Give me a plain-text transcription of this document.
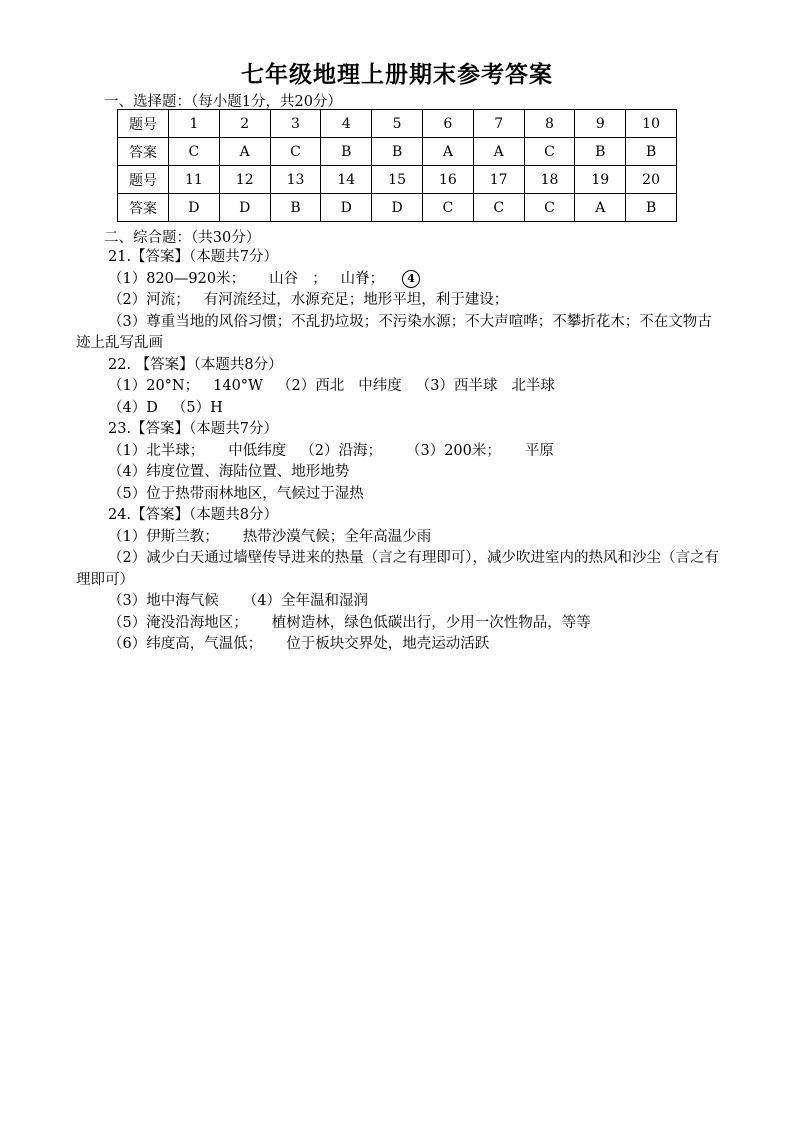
七年级地理上册期末参考答案
一、选择题：（每小题1分，共20分）
题号	1	2	3	4	5	6	7	8	9	10
答案	C	A	C	B	B	A	A	C	B	B
题号	11	12	13	14	15	16	17	18	19	20
答案	D	D	B	D	D	C	C	C	A	B
二、综合题：（共30分）
21.【答案】（本题共7分）
（1）820—920米； 山谷 ； 山脊； 4
（2）河流； 有河流经过，水源充足；地形平坦，利于建设；
（3）尊重当地的风俗习惯；不乱扔垃圾；不污染水源；不大声喧哗；不攀折花木；不在文物古迹上乱写乱画
22. 【答案】（本题共8分）
（1）20°N； 140°W （2）西北 中纬度 （3）西半球 北半球
（4）D （5）H
23.【答案】（本题共7分）
（1）北半球； 中低纬度 （2）沿海； （3）200米； 平原
（4）纬度位置、海陆位置、地形地势
（5）位于热带雨林地区，气候过于湿热
24.【答案】（本题共8分）
（1）伊斯兰教； 热带沙漠气候；全年高温少雨
（2）减少白天通过墙壁传导进来的热量（言之有理即可），减少吹进室内的热风和沙尘（言之有理即可）
（3）地中海气候 （4）全年温和湿润
（5）淹没沿海地区； 植树造林，绿色低碳出行，少用一次性物品，等等
（6）纬度高，气温低； 位于板块交界处，地壳运动活跃
